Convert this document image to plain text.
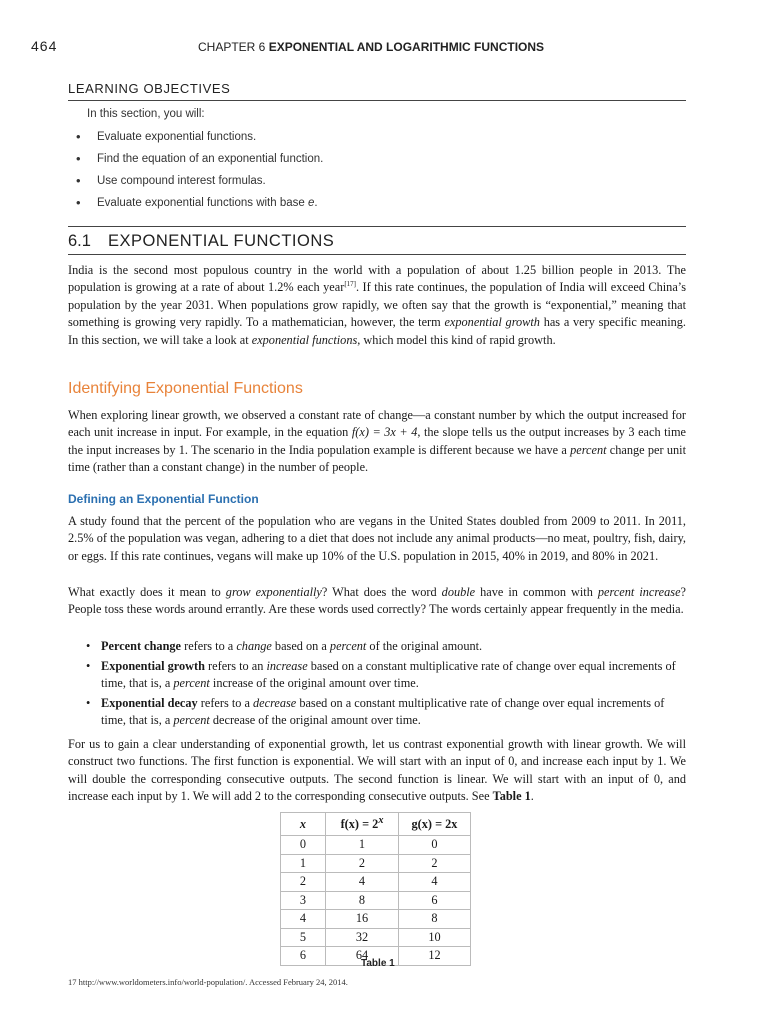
464	CHAPTER 6 EXPONENTIAL AND LOGARITHMIC FUNCTIONS
LEARNING OBJECTIVES
In this section, you will:
• Evaluate exponential functions.
• Find the equation of an exponential function.
• Use compound interest formulas.
• Evaluate exponential functions with base e.
6.1 EXPONENTIAL FUNCTIONS

India is the second most populous country in the world with a population of about 1.25 billion people in 2013. The population is growing at a rate of about 1.2% each year[17]. If this rate continues, the population of India will exceed China’s population by the year 2031. When populations grow rapidly, we often say that the growth is “exponential,” meaning that something is growing very rapidly. To a mathematician, however, the term exponential growth has a very specific meaning. In this section, we will take a look at exponential functions, which model this kind of rapid growth.

Identifying Exponential Functions

When exploring linear growth, we observed a constant rate of change—a constant number by which the output increased for each unit increase in input. For example, in the equation f(x) = 3x + 4, the slope tells us the output increases by 3 each time the input increases by 1. The scenario in the India population example is different because we have a percent change per unit time (rather than a constant change) in the number of people.

Defining an Exponential Function

A study found that the percent of the population who are vegans in the United States doubled from 2009 to 2011. In 2011, 2.5% of the population was vegan, adhering to a diet that does not include any animal products—no meat, poultry, fish, dairy, or eggs. If this rate continues, vegans will make up 10% of the U.S. population in 2015, 40% in 2019, and 80% in 2021.

What exactly does it mean to grow exponentially? What does the word double have in common with percent increase? People toss these words around errantly. Are these words used correctly? The words certainly appear frequently in the media.

• Percent change refers to a change based on a percent of the original amount.
• Exponential growth refers to an increase based on a constant multiplicative rate of change over equal increments of time, that is, a percent increase of the original amount over time.
• Exponential decay refers to a decrease based on a constant multiplicative rate of change over equal increments of time, that is, a percent decrease of the original amount over time.

For us to gain a clear understanding of exponential growth, let us contrast exponential growth with linear growth. We will construct two functions. The first function is exponential. We will start with an input of 0, and increase each input by 1. We will double the corresponding consecutive outputs. The second function is linear. We will start with an input of 0, and increase each input by 1. We will add 2 to the corresponding consecutive outputs. See Table 1.

x	$f(x) = 2^x$	g(x) = 2x
0	1	0
1	2	2
2	4	4
3	8	6
4	16	8
5	32	10
6	64	12
Table 1
17 http://www.worldometers.info/world-population/. Accessed February 24, 2014.
